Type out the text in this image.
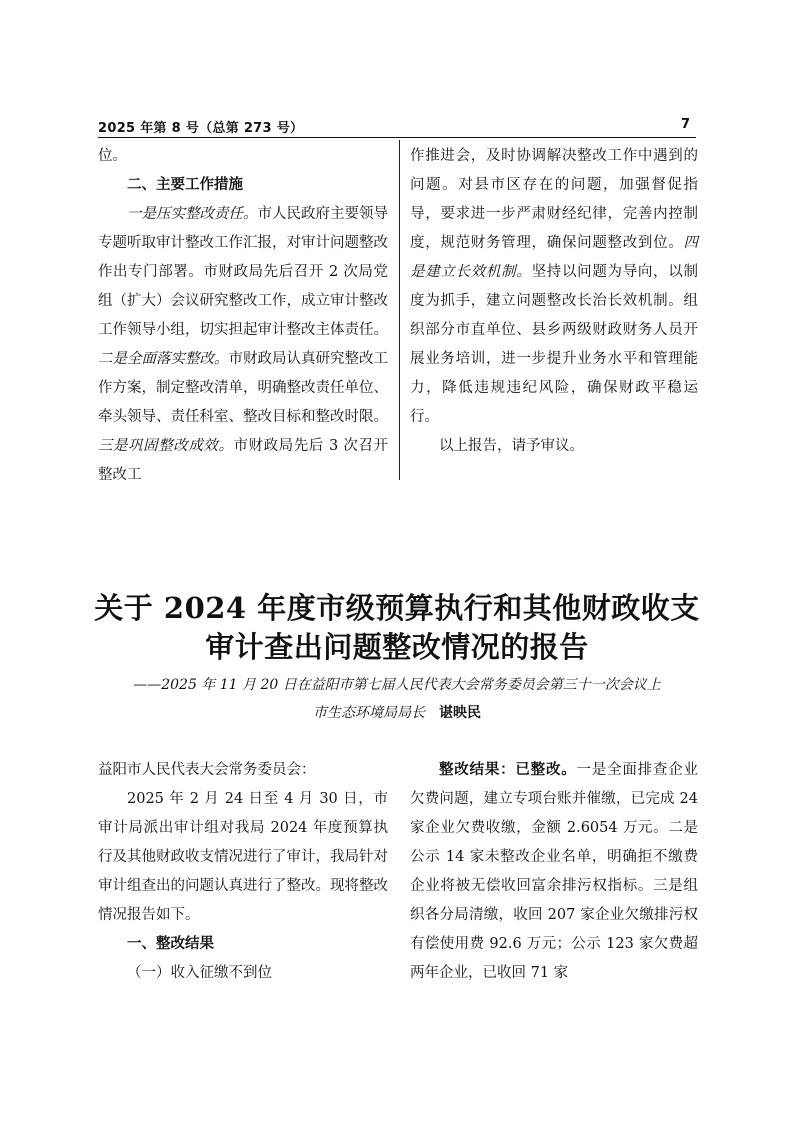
2025 年第 8 号（总第 273 号）	7

位。

二、主要工作措施

一是压实整改责任。市人民政府主要领导专题听取审计整改工作汇报，对审计问题整改作出专门部署。市财政局先后召开 2 次局党组（扩大）会议研究整改工作，成立审计整改工作领导小组，切实担起审计整改主体责任。二是全面落实整改。市财政局认真研究整改工作方案，制定整改清单，明确整改责任单位、牵头领导、责任科室、整改目标和整改时限。三是巩固整改成效。市财政局先后 3 次召开整改工

作推进会，及时协调解决整改工作中遇到的问题。对县市区存在的问题，加强督促指导，要求进一步严肃财经纪律，完善内控制度，规范财务管理，确保问题整改到位。四是建立长效机制。坚持以问题为导向，以制度为抓手，建立问题整改长治长效机制。组织部分市直单位、县乡两级财政财务人员开展业务培训，进一步提升业务水平和管理能力，降低违规违纪风险，确保财政平稳运行。

以上报告，请予审议。

关于 2024 年度市级预算执行和其他财政收支
审计查出问题整改情况的报告
——2025 年 11 月 20 日在益阳市第七届人民代表大会常务委员会第三十一次会议上
市生态环境局局长 谌映民

益阳市人民代表大会常务委员会：

2025 年 2 月 24 日至 4 月 30 日，市审计局派出审计组对我局 2024 年度预算执行及其他财政收支情况进行了审计，我局针对审计组查出的问题认真进行了整改。现将整改情况报告如下。

一、整改结果

（一）收入征缴不到位

整改结果：已整改。一是全面排查企业欠费问题，建立专项台账并催缴，已完成 24 家企业欠费收缴，金额 2.6054 万元。二是公示 14 家未整改企业名单，明确拒不缴费企业将被无偿收回富余排污权指标。三是组织各分局清缴，收回 207 家企业欠缴排污权有偿使用费 92.6 万元；公示 123 家欠费超两年企业，已收回 71 家
